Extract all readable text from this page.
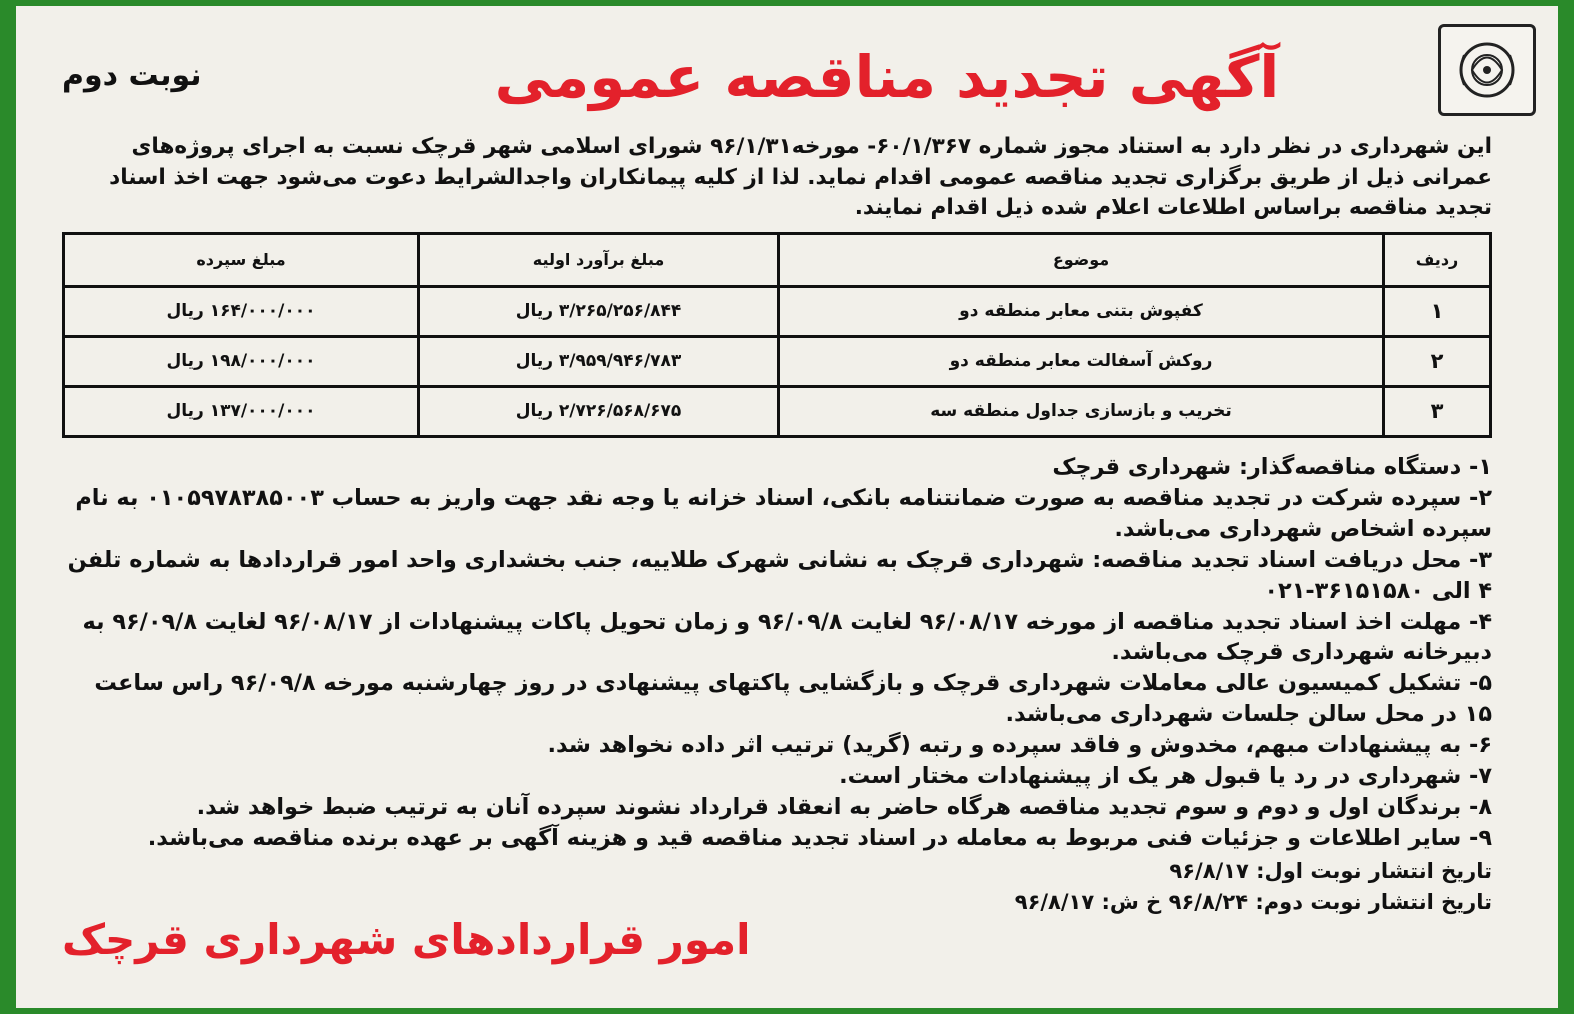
آگهی تجدید مناقصه عمومی
نوبت دوم
این شهرداری در نظر دارد به استناد مجوز شماره ۶۰/۱/۳۶۷- مورخه۹۶/۱/۳۱ شورای اسلامی شهر قرچک نسبت به اجرای پروژه‌های عمرانی ذیل از طریق برگزاری تجدید مناقصه عمومی اقدام نماید. لذا از کلیه پیمانکاران واجدالشرایط دعوت می‌شود جهت اخذ اسناد تجدید مناقصه براساس اطلاعات اعلام شده ذیل اقدام نمایند.
ردیف	موضوع	مبلغ برآورد اولیه	مبلغ سپرده
۱	کفپوش بتنی معابر منطقه دو	۳/۲۶۵/۲۵۶/۸۴۴ ریال	۱۶۴/۰۰۰/۰۰۰ ریال
۲	روکش آسفالت معابر منطقه دو	۳/۹۵۹/۹۴۶/۷۸۳ ریال	۱۹۸/۰۰۰/۰۰۰ ریال
۳	تخریب و بازسازی جداول منطقه سه	۲/۷۲۶/۵۶۸/۶۷۵ ریال	۱۳۷/۰۰۰/۰۰۰ ریال
۱- دستگاه مناقصه‌گذار: شهرداری قرچک
۲- سپرده شرکت در تجدید مناقصه به صورت ضمانتنامه بانکی، اسناد خزانه یا وجه نقد جهت واریز به حساب ۰۱۰۵۹۷۸۳۸۵۰۰۳ به نام سپرده اشخاص شهرداری می‌باشد.
۳- محل دریافت اسناد تجدید مناقصه: شهرداری قرچک به نشانی شهرک طلاییه، جنب بخشداری واحد امور قراردادها به شماره تلفن ۴ الی ۳۶۱۵۱۵۸۰-۰۲۱
۴- مهلت اخذ اسناد تجدید مناقصه از مورخه ۹۶/۰۸/۱۷ لغایت ۹۶/۰۹/۸ و زمان تحویل پاکات پیشنهادات از ۹۶/۰۸/۱۷ لغایت ۹۶/۰۹/۸ به دبیرخانه شهرداری قرچک می‌باشد.
۵- تشکیل کمیسیون عالی معاملات شهرداری قرچک و بازگشایی پاکتهای پیشنهادی در روز چهارشنبه مورخه ۹۶/۰۹/۸ راس ساعت ۱۵ در محل سالن جلسات شهرداری می‌باشد.
۶- به پیشنهادات مبهم، مخدوش و فاقد سپرده و رتبه (گرید) ترتیب اثر داده نخواهد شد.
۷- شهرداری در رد یا قبول هر یک از پیشنهادات مختار است.
۸- برندگان اول و دوم و سوم تجدید مناقصه هرگاه حاضر به انعقاد قرارداد نشوند سپرده آنان به ترتیب ضبط خواهد شد.
۹- سایر اطلاعات و جزئیات فنی مربوط به معامله در اسناد تجدید مناقصه قید و هزینه آگهی بر عهده برنده مناقصه می‌باشد.
تاریخ انتشار نوبت اول: ۹۶/۸/۱۷
تاریخ انتشار نوبت دوم: ۹۶/۸/۲۴ خ ش: ۹۶/۸/۱۷
امور قراردادهای شهرداری قرچک
